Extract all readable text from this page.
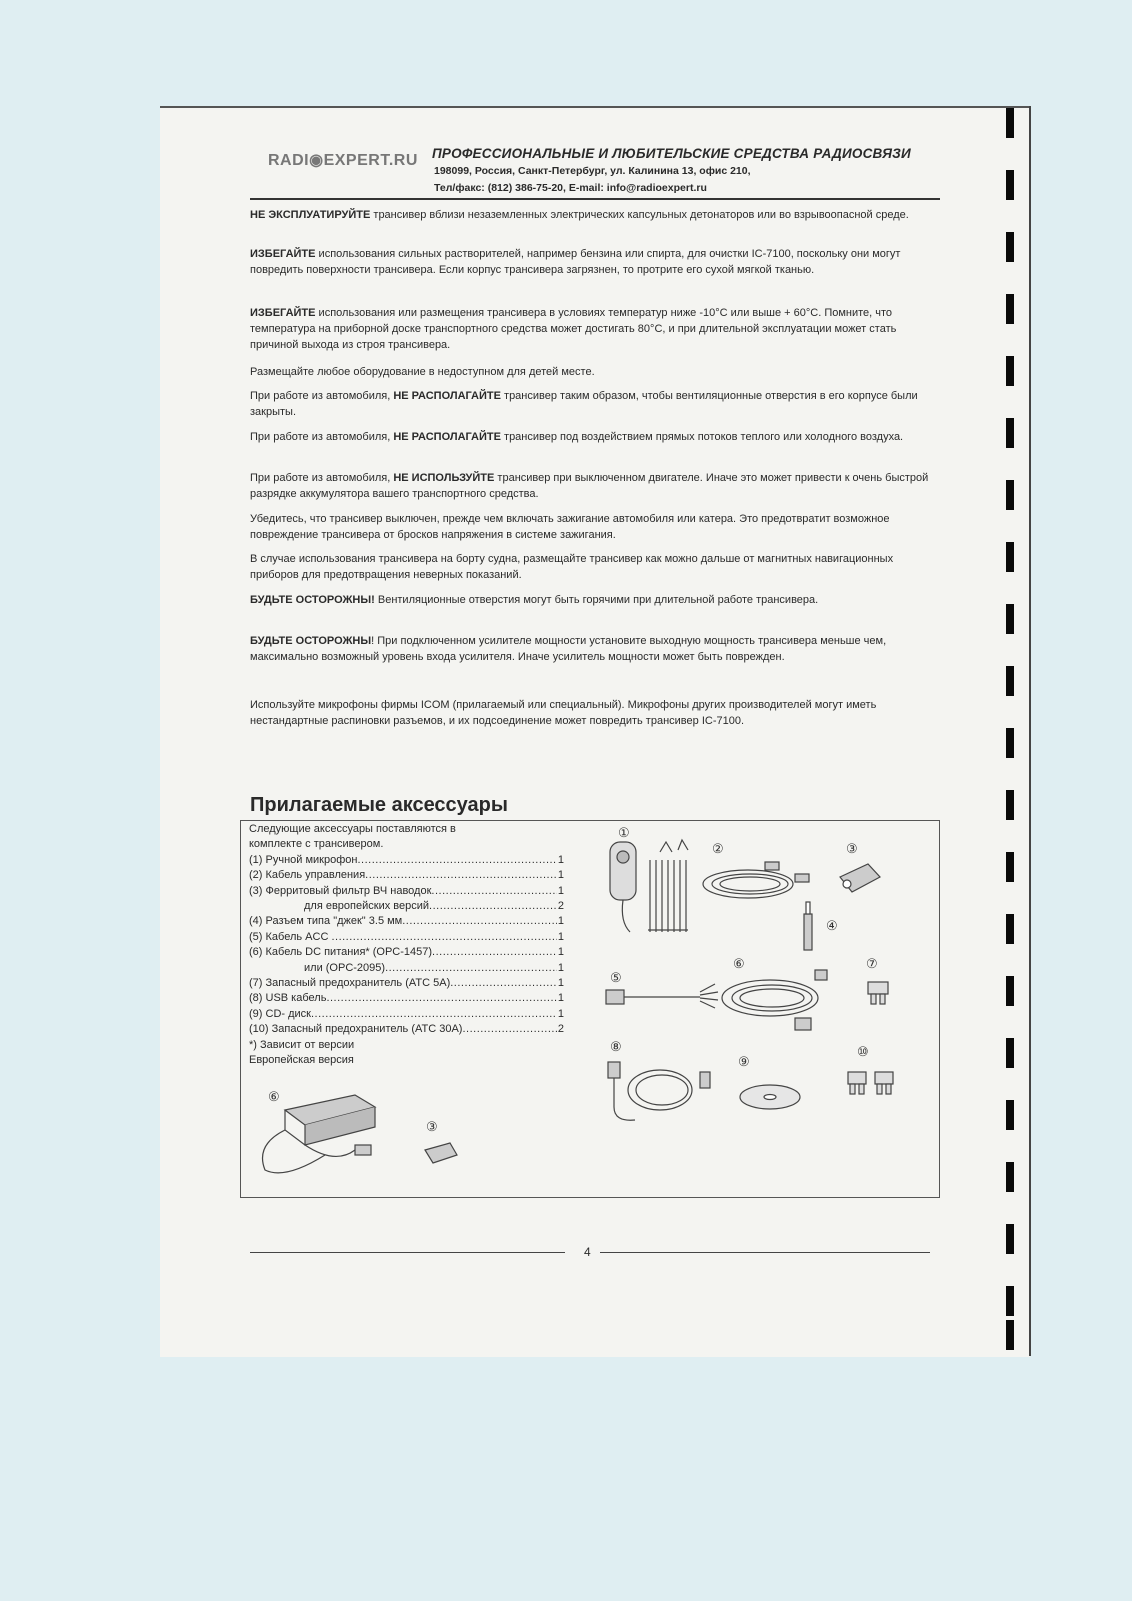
RADI◉EXPERT.RU ПРОФЕССИОНАЛЬНЫЕ И ЛЮБИТЕЛЬСКИЕ СРЕДСТВА РАДИОСВЯЗИ
198099, Россия, Санкт-Петербург, ул. Калинина 13, офис 210,
Тел/факс: (812) 386-75-20, E-mail: info@radioexpert.ru

НЕ ЭКСПЛУАТИРУЙТЕ трансивер вблизи незаземленных электрических капсульных детонаторов или во взрывоопасной среде.

ИЗБЕГАЙТЕ использования сильных растворителей, например бензина или спирта, для очистки IC-7100, поскольку они могут повредить поверхности трансивера. Если корпус трансивера загрязнен, то протрите его сухой мягкой тканью.

ИЗБЕГАЙТЕ использования или размещения трансивера в условиях температур ниже -10°С или выше + 60°С. Помните, что температура на приборной доске транспортного средства может достигать 80°С, и при длительной эксплуатации может стать причиной выхода из строя трансивера.

Размещайте любое оборудование в недоступном для детей месте.

При работе из автомобиля, НЕ РАСПОЛАГАЙТЕ трансивер таким образом, чтобы вентиляционные отверстия в его корпусе были закрыты.

При работе из автомобиля, НЕ РАСПОЛАГАЙТЕ трансивер под воздействием прямых потоков теплого или холодного воздуха.

При работе из автомобиля, НЕ ИСПОЛЬЗУЙТЕ трансивер при выключенном двигателе. Иначе это может привести к очень быстрой разрядке аккумулятора вашего транспортного средства.

Убедитесь, что трансивер выключен, прежде чем включать зажигание автомобиля или катера. Это предотвратит возможное повреждение трансивера от бросков напряжения в системе зажигания.

В случае использования трансивера на борту судна, размещайте трансивер как можно дальше от магнитных навигационных приборов для предотвращения неверных показаний.

БУДЬТЕ ОСТОРОЖНЫ! Вентиляционные отверстия могут быть горячими при длительной работе трансивера.

БУДЬТЕ ОСТОРОЖНЫ! При подключенном усилителе мощности установите выходную мощность трансивера меньше чем, максимально возможный уровень входа усилителя. Иначе усилитель мощности может быть поврежден.

Используйте микрофоны фирмы ICOM (прилагаемый или специальный). Микрофоны других производителей могут иметь нестандартные распиновки разъемов, и их подсоединение может повредить трансивер IC-7100.

Прилагаемые аксессуары
Следующие аксессуары поставляются в
комплекте с трансивером.
(1) Ручной микрофон .....	1
(2) Кабель управления .....	1
(3) Ферритовый фильтр ВЧ наводок .....	1
для европейских версий .....	2
(4) Разъем типа "джек" 3.5 мм .....	1
(5) Кабель ACC .....	1
(6) Кабель DC питания* (OPC-1457) .....	1
или (OPC-2095) .....	1
(7) Запасный предохранитель (ATC 5A) .....	1
(8) USB кабель .....	1
(9) CD- диск .....	1
(10) Запасный предохранитель (ATC 30A) .....	2
*) Зависит от версии
Европейская версия
①
②	③
④
⑤
⑥	⑦
⑧
⑨
⑩
⑥
③
4
